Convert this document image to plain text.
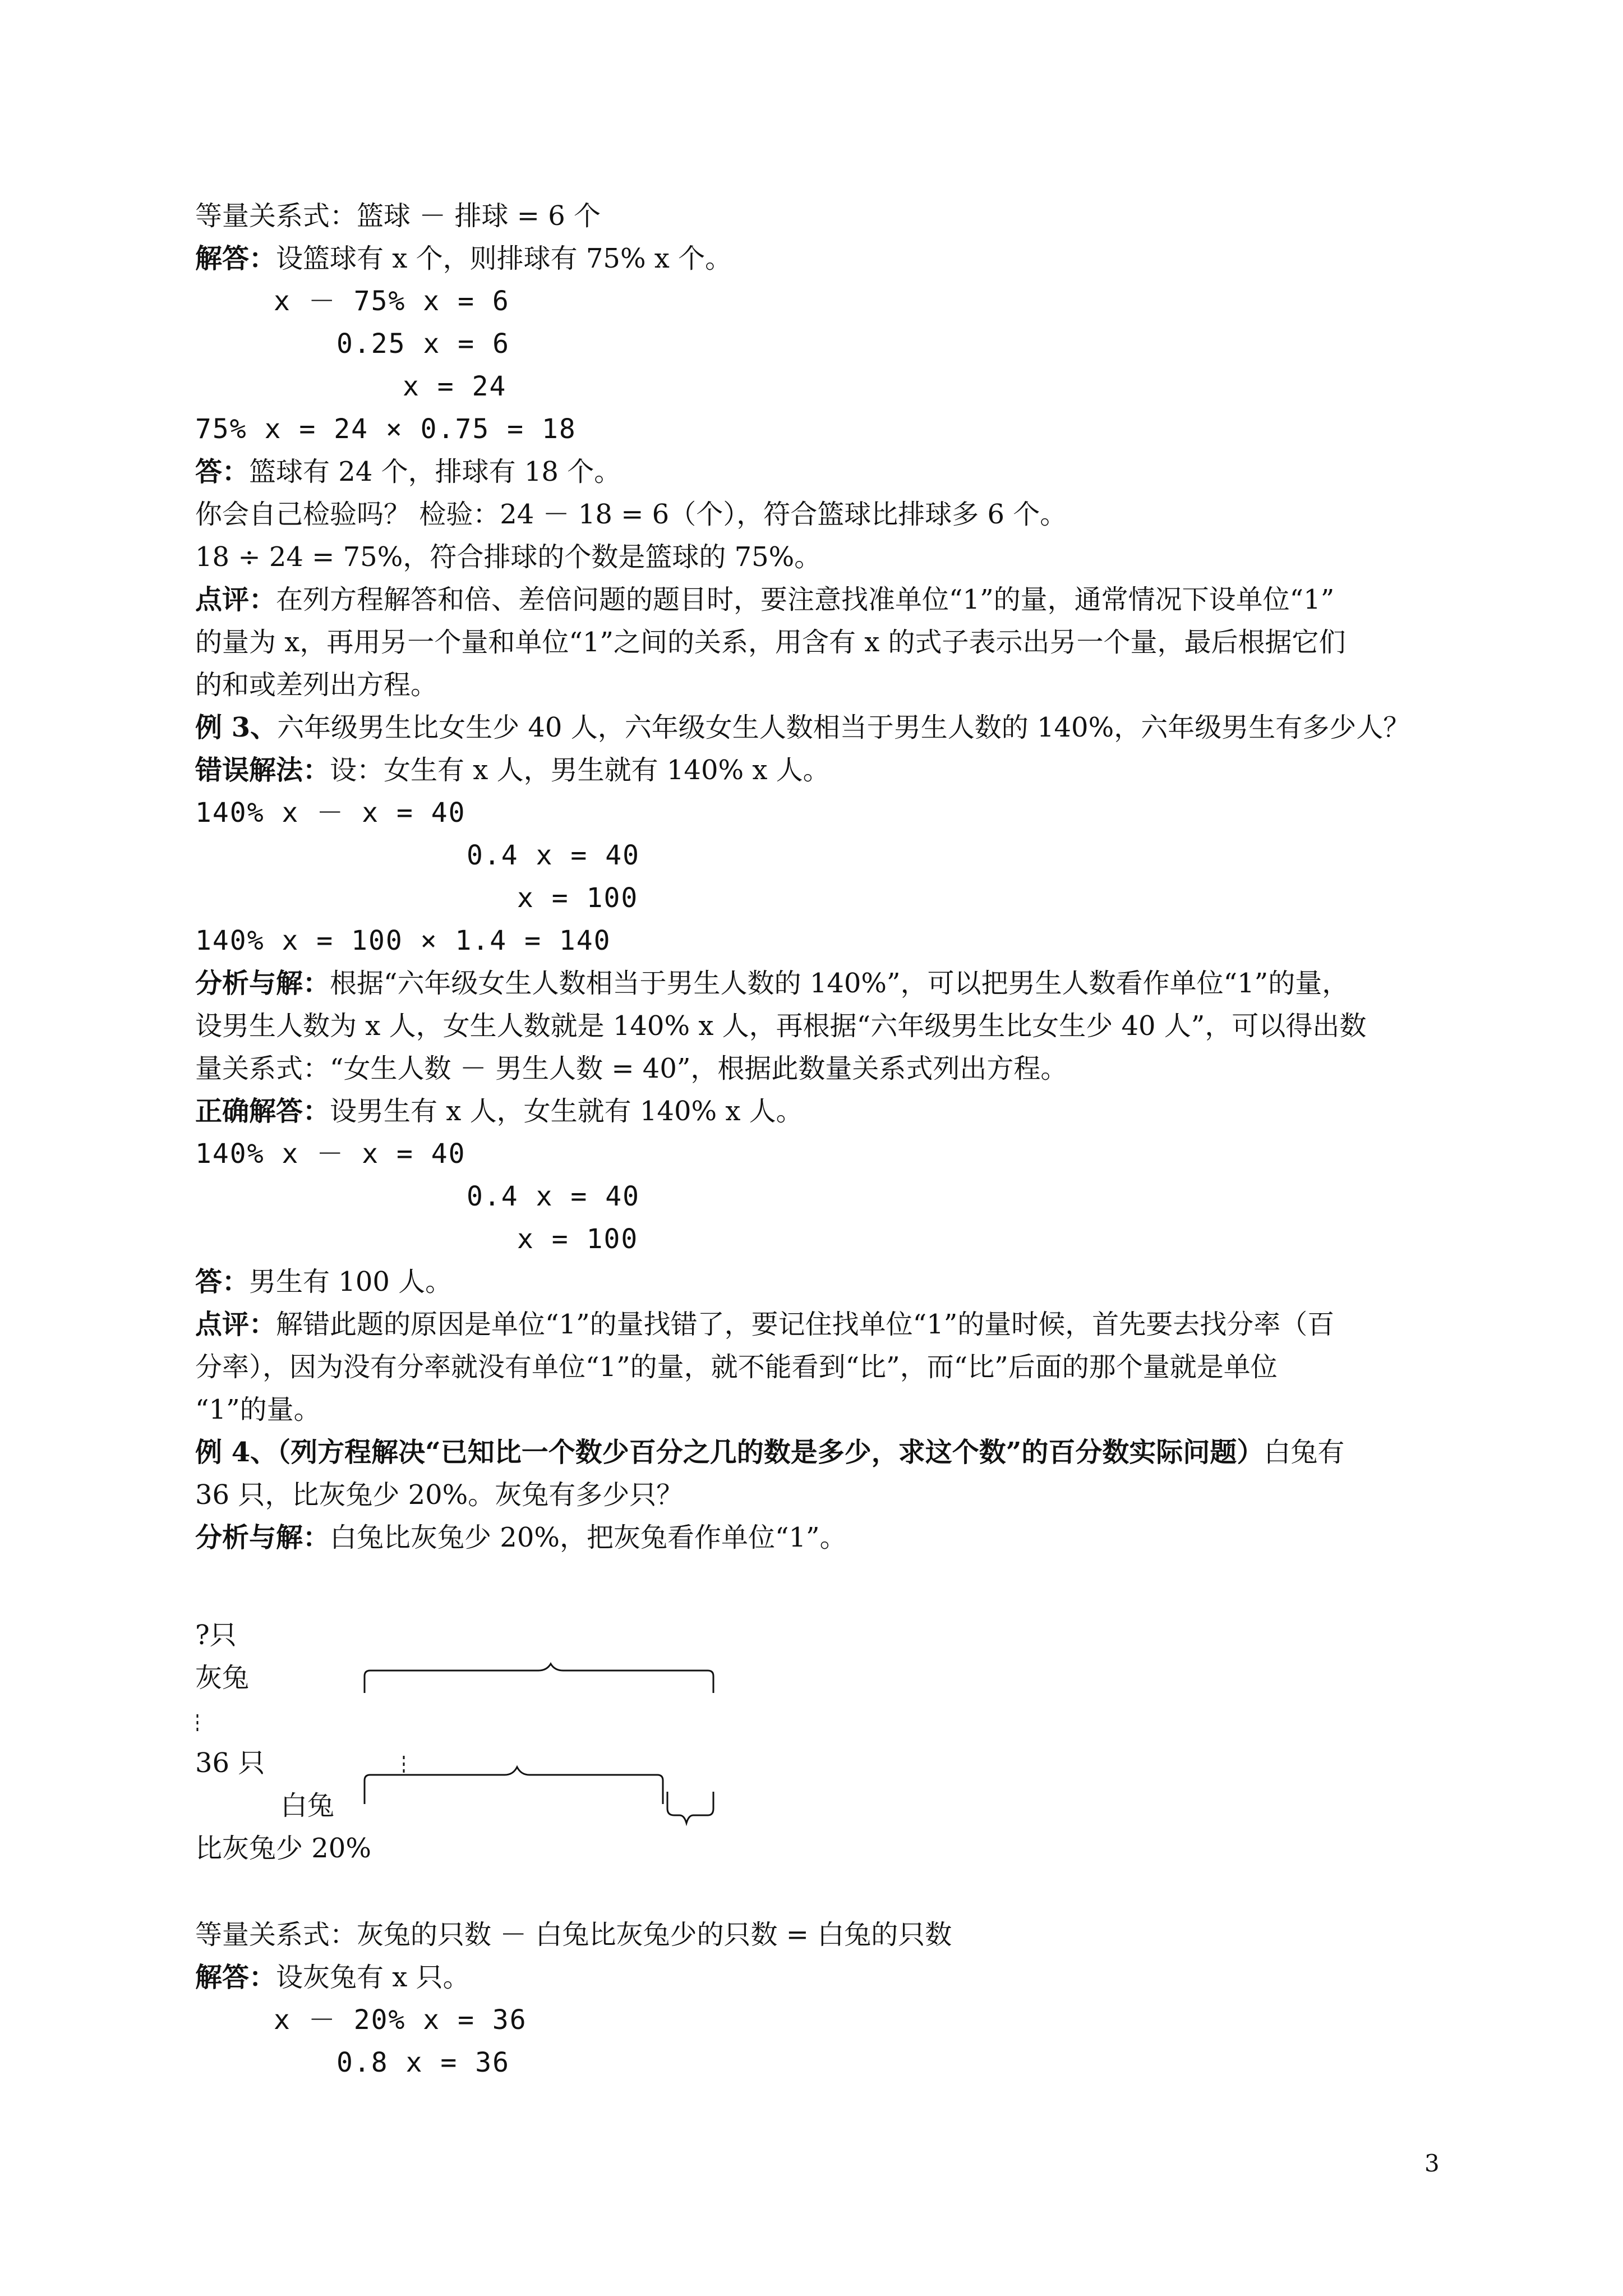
等量关系式：篮球 － 排球 = 6 个
解答：设篮球有 x 个，则排球有 75% x 个。
x － 75% x = 6
0.25 x = 6
x = 24
75% x = 24 × 0.75 = 18
答：篮球有 24 个，排球有 18 个。
你会自己检验吗？ 检验：24 － 18 = 6（个），符合篮球比排球多 6 个。
18 ÷ 24 = 75%，符合排球的个数是篮球的 75%。
点评：在列方程解答和倍、差倍问题的题目时，要注意找准单位“1”的量，通常情况下设单位“1”
的量为 x，再用另一个量和单位“1”之间的关系，用含有 x 的式子表示出另一个量，最后根据它们
的和或差列出方程。
例 3、六年级男生比女生少 40 人，六年级女生人数相当于男生人数的 140%，六年级男生有多少人？
错误解法：设：女生有 x 人，男生就有 140% x 人。
140% x － x = 40
0.4 x = 40
x = 100
140% x = 100 × 1.4 = 140
分析与解：根据“六年级女生人数相当于男生人数的 140%”，可以把男生人数看作单位“1”的量，
设男生人数为 x 人，女生人数就是 140% x 人，再根据“六年级男生比女生少 40 人”，可以得出数
量关系式：“女生人数 － 男生人数 = 40”，根据此数量关系式列出方程。
正确解答：设男生有 x 人，女生就有 140% x 人。
140% x － x = 40
0.4 x = 40
x = 100
答：男生有 100 人。
点评：解错此题的原因是单位“1”的量找错了，要记住找单位“1”的量时候，首先要去找分率（百
分率），因为没有分率就没有单位“1”的量，就不能看到“比”，而“比”后面的那个量就是单位
“1”的量。
例 4、（列方程解决“已知比一个数少百分之几的数是多少，求这个数”的百分数实际问题）白兔有
36 只，比灰兔少 20%。灰兔有多少只？
分析与解：白兔比灰兔少 20%，把灰兔看作单位“1”。
?只
灰兔
36 只
白兔
比灰兔少 20%
等量关系式：灰兔的只数 － 白兔比灰兔少的只数 = 白兔的只数
解答：设灰兔有 x 只。
x － 20% x = 36
0.8 x = 36
3
